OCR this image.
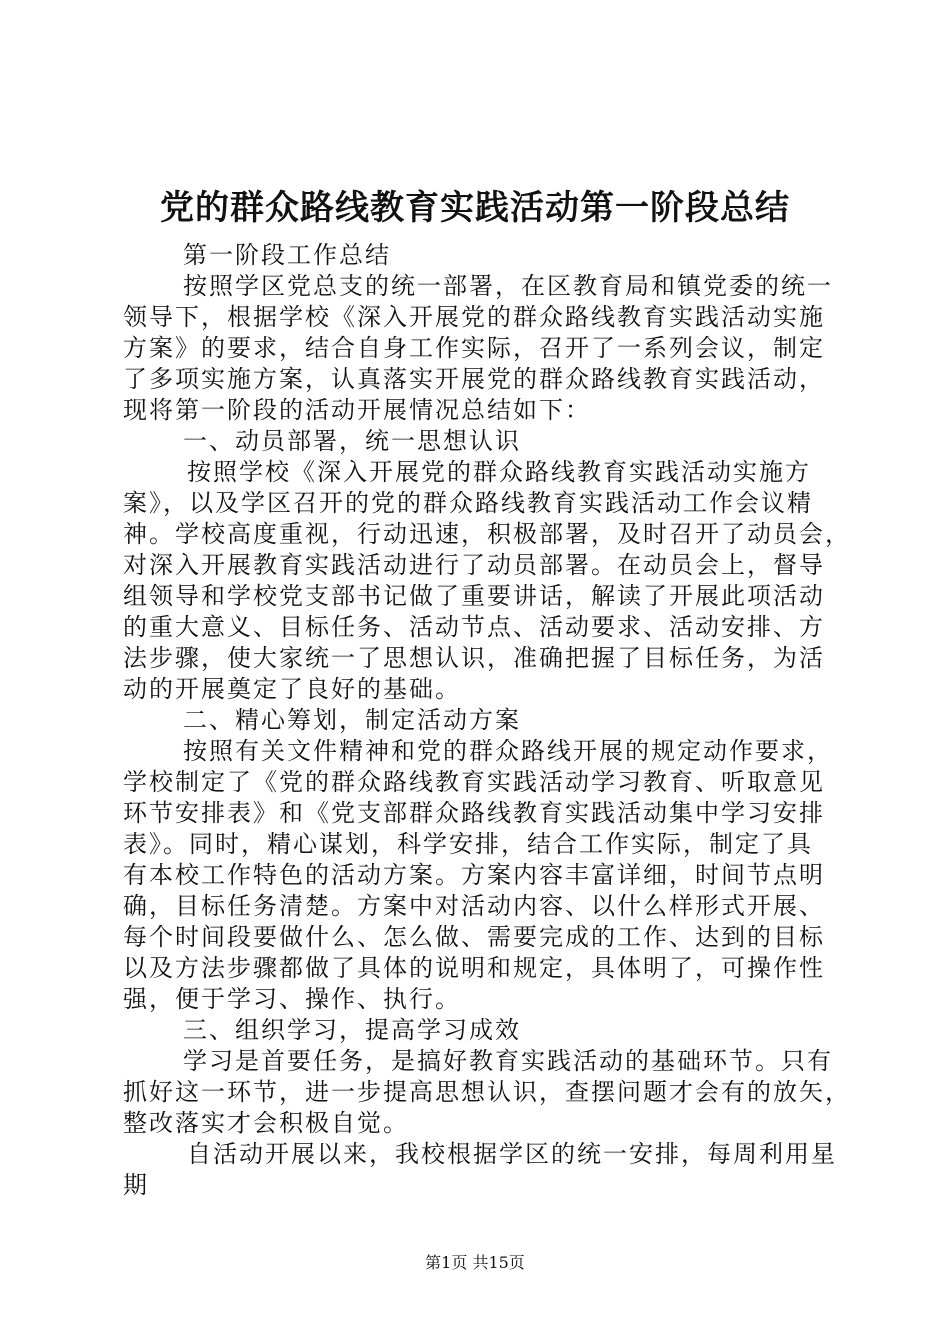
党的群众路线教育实践活动第一阶段总结
第一阶段工作总结
按照学区党总支的统一部署，在区教育局和镇党委的统一
领导下，根据学校《深入开展党的群众路线教育实践活动实施
方案》的要求，结合自身工作实际，召开了一系列会议，制定
了多项实施方案，认真落实开展党的群众路线教育实践活动，
现将第一阶段的活动开展情况总结如下：
一、动员部署，统一思想认识
按照学校《深入开展党的群众路线教育实践活动实施方
案》，以及学区召开的党的群众路线教育实践活动工作会议精
神。学校高度重视，行动迅速，积极部署，及时召开了动员会，
对深入开展教育实践活动进行了动员部署。在动员会上，督导
组领导和学校党支部书记做了重要讲话，解读了开展此项活动
的重大意义、目标任务、活动节点、活动要求、活动安排、方
法步骤，使大家统一了思想认识，准确把握了目标任务，为活
动的开展奠定了良好的基础。
二、精心筹划，制定活动方案
按照有关文件精神和党的群众路线开展的规定动作要求，
学校制定了《党的群众路线教育实践活动学习教育、听取意见
环节安排表》和《党支部群众路线教育实践活动集中学习安排
表》。同时，精心谋划，科学安排，结合工作实际，制定了具
有本校工作特色的活动方案。方案内容丰富详细，时间节点明
确，目标任务清楚。方案中对活动内容、以什么样形式开展、
每个时间段要做什么、怎么做、需要完成的工作、达到的目标
以及方法步骤都做了具体的说明和规定，具体明了，可操作性
强，便于学习、操作、执行。
三、组织学习，提高学习成效
学习是首要任务，是搞好教育实践活动的基础环节。只有
抓好这一环节，进一步提高思想认识，查摆问题才会有的放矢，
整改落实才会积极自觉。
自活动开展以来，我校根据学区的统一安排，每周利用星
期
第1页 共15页
